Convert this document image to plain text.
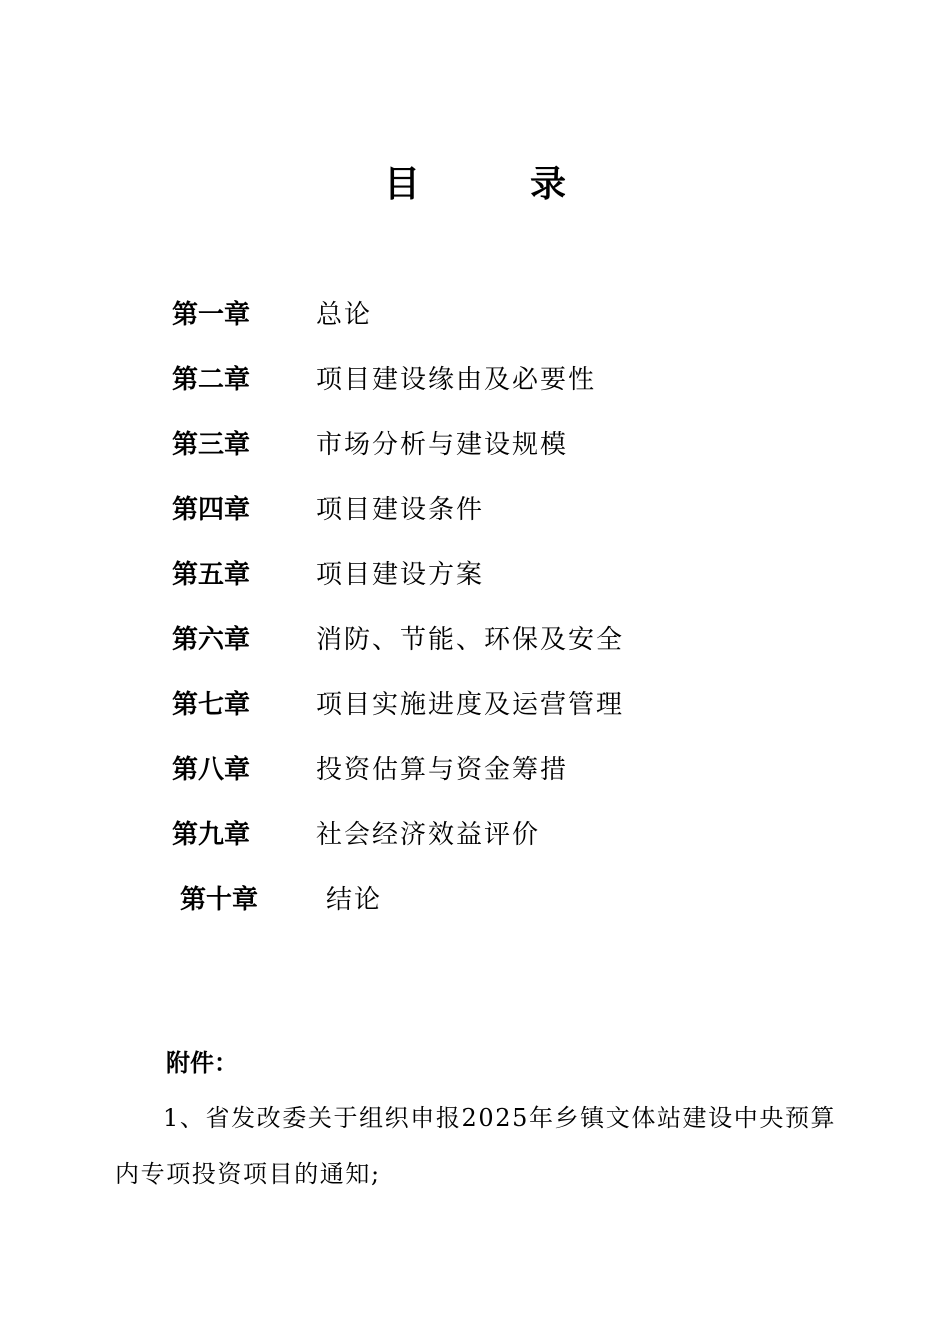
目录
第一章	总论
第二章	项目建设缘由及必要性
第三章	市场分析与建设规模
第四章	项目建设条件
第五章	项目建设方案
第六章	消防、节能、环保及安全
第七章	项目实施进度及运营管理
第八章	投资估算与资金筹措
第九章	社会经济效益评价
第十章	结论
附件：

1、省发改委关于组织申报2025年乡镇文体站建设中央预算内专项投资项目的通知;
